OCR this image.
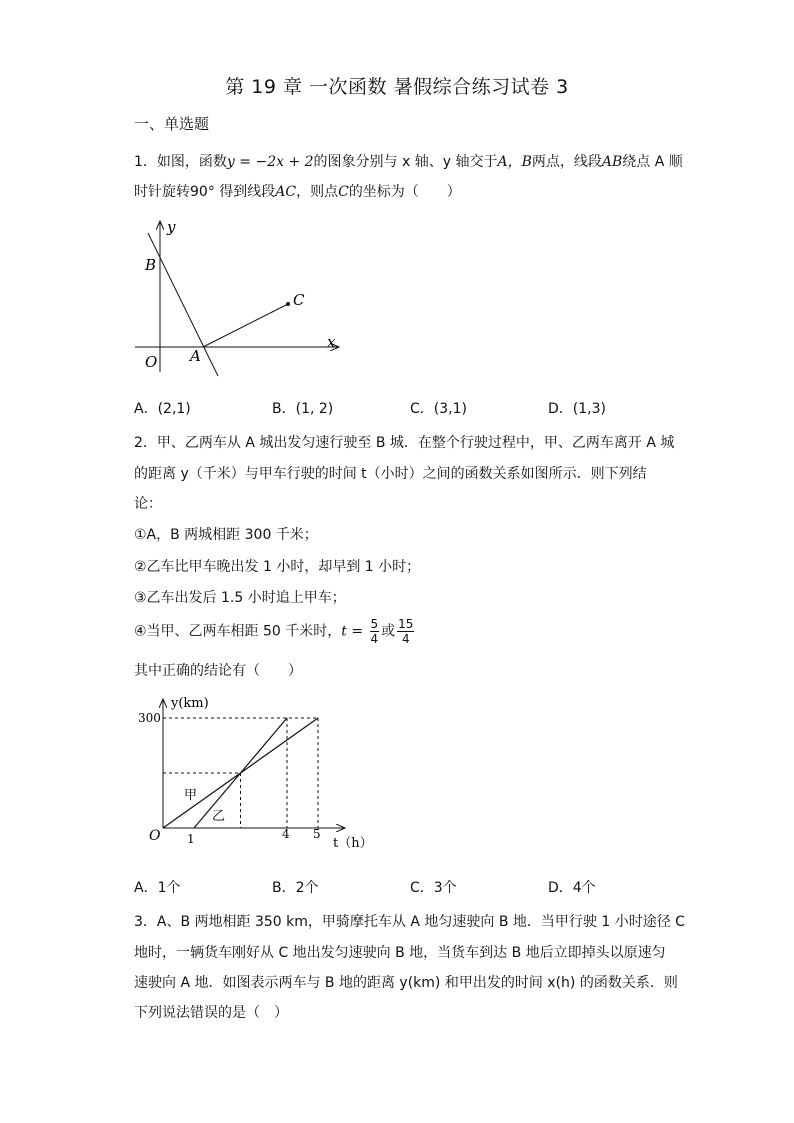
第 19 章 一次函数 暑假综合练习试卷 3
一、单选题
1．如图，函数y = −2x + 2的图象分别与 x 轴、y 轴交于A，B两点，线段AB绕点 A 顺
时针旋转90° 得到线段AC，则点C的坐标为（　　）
y
x
O A
B
C
A．(2,1)	B．(1, 2)	C．(3,1)	D．(1,3)
2．甲、乙两车从 A 城出发匀速行驶至 B 城．在整个行驶过程中，甲、乙两车离开 A 城
的距离 y（千米）与甲车行驶的时间 t（小时）之间的函数关系如图所示．则下列结
论：
①A，B 两城相距 300 千米；
②乙车比甲车晚出发 1 小时，却早到 1 小时；
③乙车出发后 1.5 小时追上甲车；
④当甲、乙两车相距 50 千米时，$t = \frac{5}{4}$ 或 $\frac{15}{4}$
其中正确的结论有（　　）
y(km)
t（h）
O
300
1	4 5
甲
乙
A．1个	B．2个	C．3个	D．4个
3．A、B 两地相距 350 km，甲骑摩托车从 A 地匀速驶向 B 地．当甲行驶 1 小时途径 C
地时，一辆货车刚好从 C 地出发匀速驶向 B 地，当货车到达 B 地后立即掉头以原速匀
速驶向 A 地．如图表示两车与 B 地的距离 y(km) 和甲出发的时间 x(h) 的函数关系．则
下列说法错误的是（　）
